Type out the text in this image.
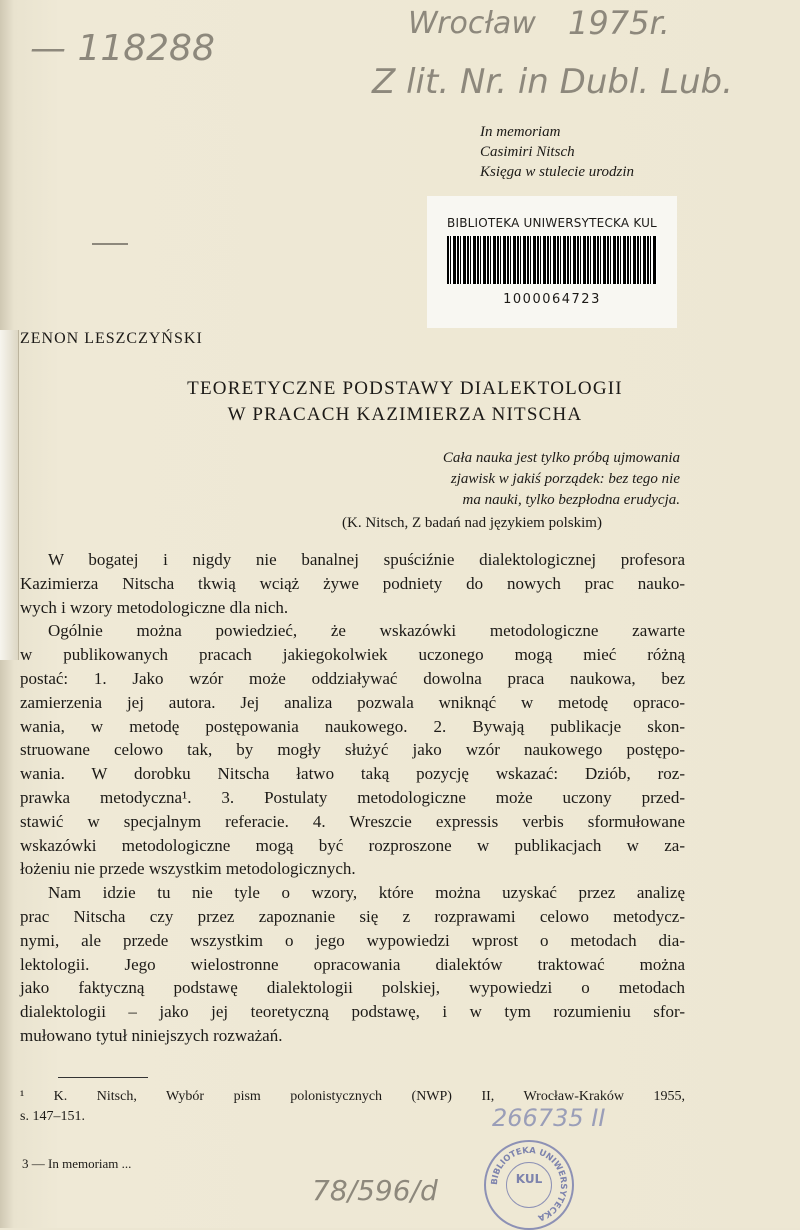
— 118288
Wrocław 1975r.
Z lit. Nr. in Dubl. Lub.
In memoriam
Casimiri Nitsch
Księga w stulecie urodzin
BIBLIOTEKA UNIWERSYTECKA KUL
1000064723
ZENON LESZCZYŃSKI
TEORETYCZNE PODSTAWY DIALEKTOLOGII
W PRACACH KAZIMIERZA NITSCHA
Cała nauka jest tylko próbą ujmowania
zjawisk w jakiś porządek: bez tego nie
ma nauki, tylko bezpłodna erudycja.
(K. Nitsch, Z badań nad językiem polskim)
W bogatej i nigdy nie banalnej spuściźnie dialektologicznej profesora
Kazimierza Nitscha tkwią wciąż żywe podniety do nowych prac nauko-
wych i wzory metodologiczne dla nich.
Ogólnie można powiedzieć, że wskazówki metodologiczne zawarte
w publikowanych pracach jakiegokolwiek uczonego mogą mieć różną
postać: 1. Jako wzór może oddziaływać dowolna praca naukowa, bez
zamierzenia jej autora. Jej analiza pozwala wniknąć w metodę opraco-
wania, w metodę postępowania naukowego. 2. Bywają publikacje skon-
struowane celowo tak, by mogły służyć jako wzór naukowego postępo-
wania. W dorobku Nitscha łatwo taką pozycję wskazać: Dziób, roz-
prawka metodyczna¹. 3. Postulaty metodologiczne może uczony przed-
stawić w specjalnym referacie. 4. Wreszcie expressis verbis sformułowane
wskazówki metodologiczne mogą być rozproszone w publikacjach w za-
łożeniu nie przede wszystkim metodologicznych.
Nam idzie tu nie tyle o wzory, które można uzyskać przez analizę
prac Nitscha czy przez zapoznanie się z rozprawami celowo metodycz-
nymi, ale przede wszystkim o jego wypowiedzi wprost o metodach dia-
lektologii. Jego wielostronne opracowania dialektów traktować można
jako faktyczną podstawę dialektologii polskiej, wypowiedzi o metodach
dialektologii – jako jej teoretyczną podstawę, i w tym rozumieniu sfor-
mułowano tytuł niniejszych rozważań.
¹ K. Nitsch, Wybór pism polonistycznych (NWP) II, Wrocław-Kraków 1955,
s. 147–151.
3 — In memoriam ...
78/596/d
266735 II
BIBLIOTEKA UNIWERSYTECKA
KUL
